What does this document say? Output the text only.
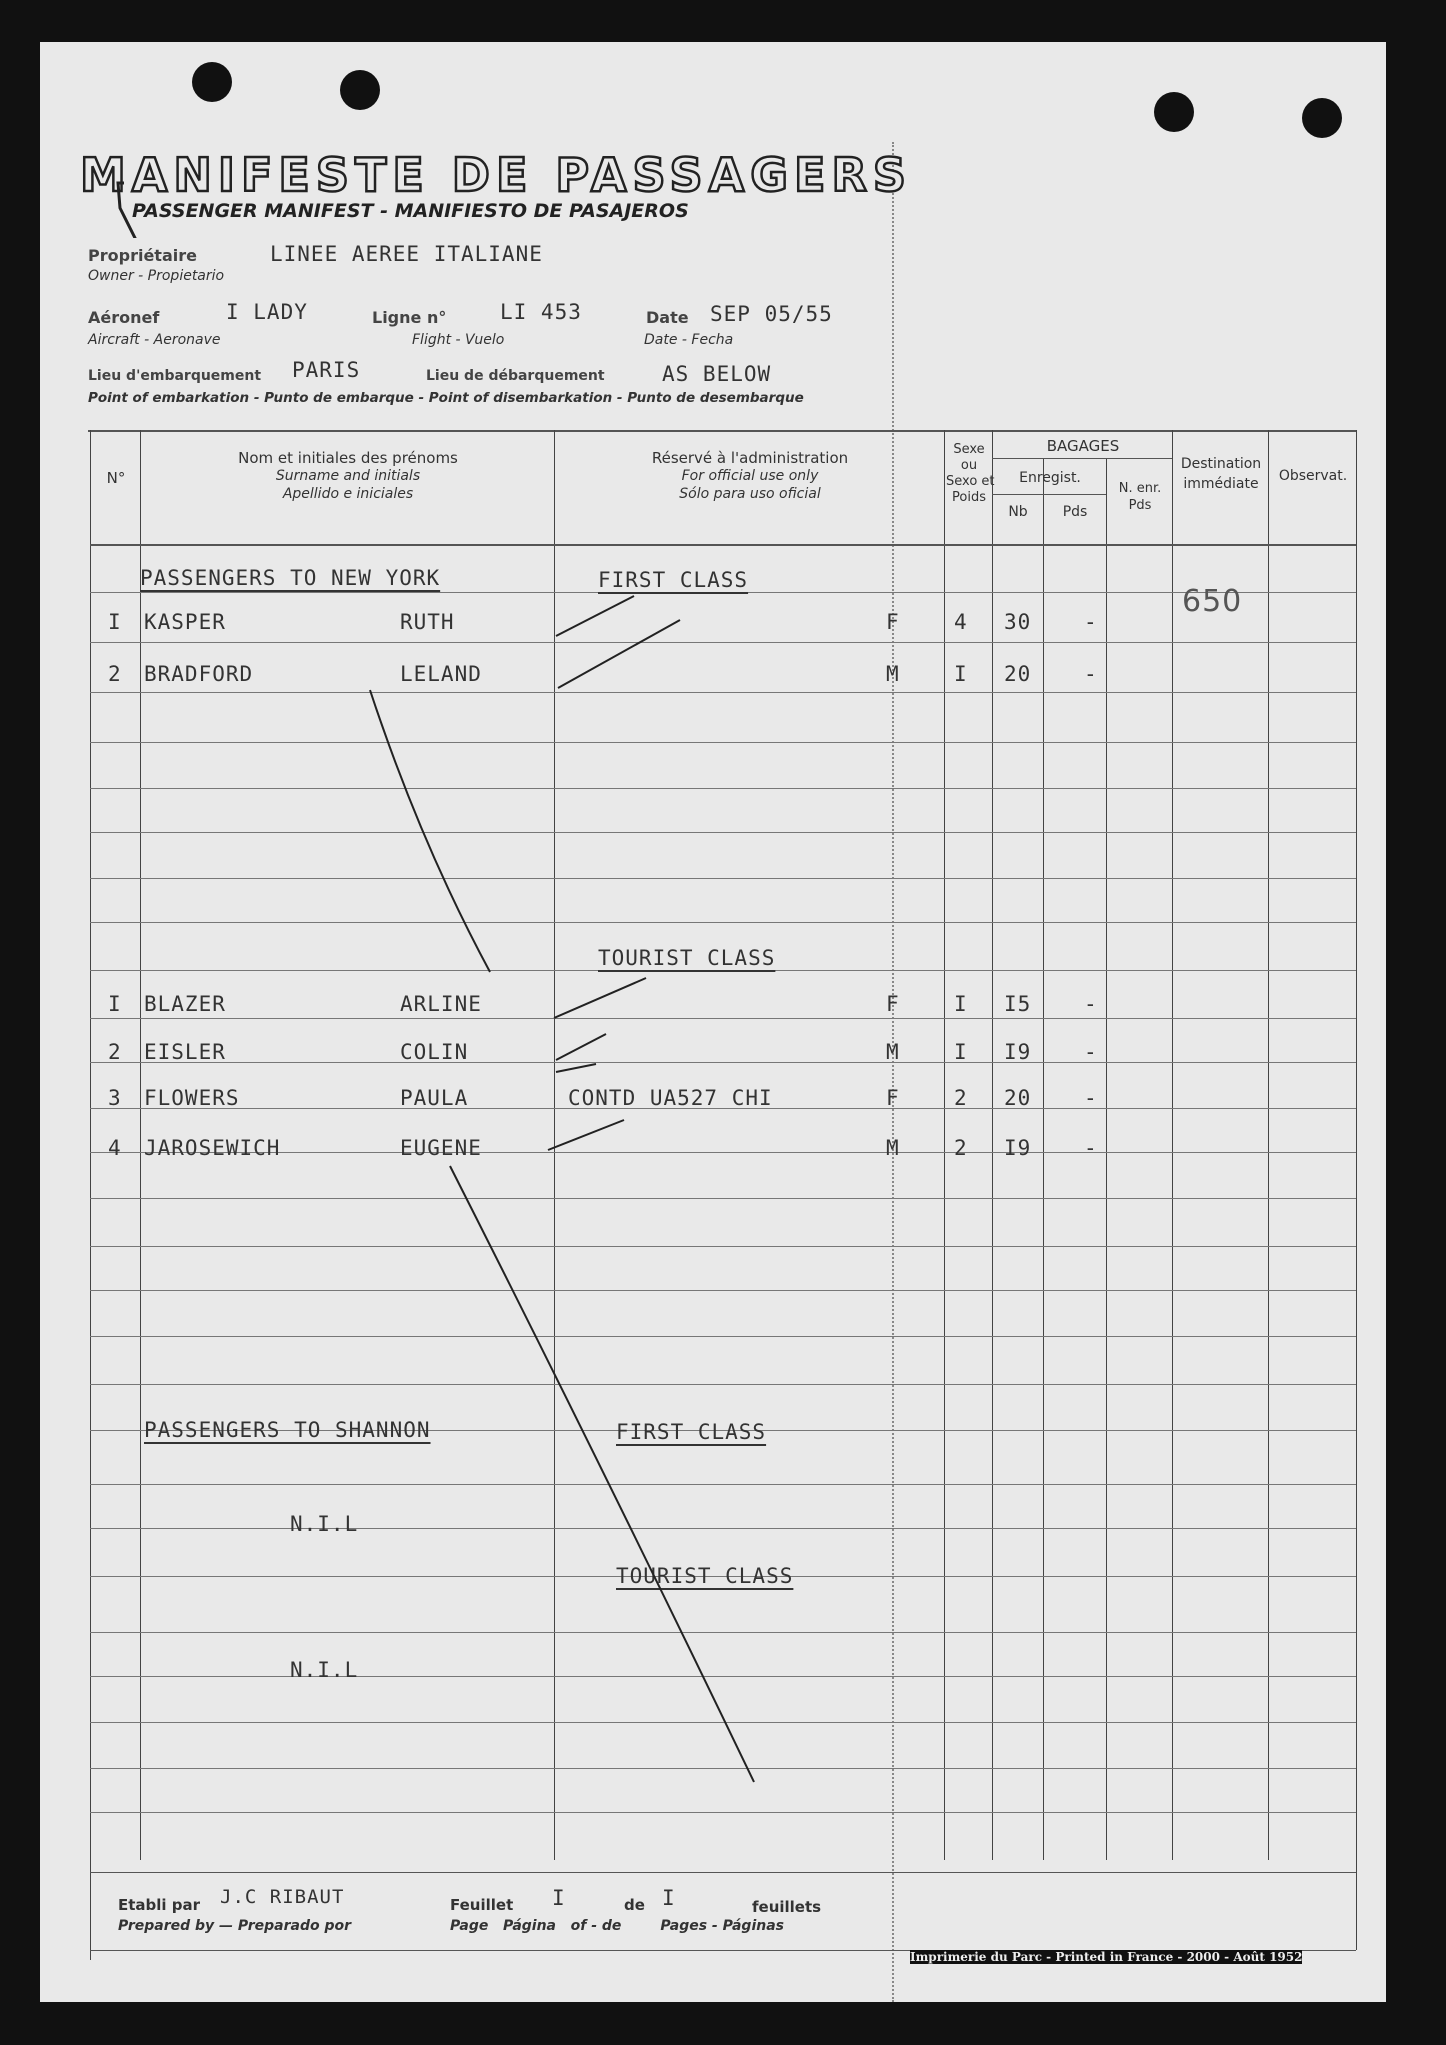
MANIFESTE DE PASSAGERS
PASSENGER MANIFEST - MANIFIESTO DE PASAJEROS
Propriétaire	LINEE AEREE ITALIANE
Owner - Propietario
Aéronef	I LADY
Aircraft - Aeronave
Ligne n°	LI 453
Flight - Vuelo
Date SEP 05/55
Date - Fecha
Lieu d'embarquement PARIS	Lieu de débarquement	AS BELOW
Point of embarkation - Punto de embarque - Point of disembarkation - Punto de desembarque
N°
Nom et initiales des prénoms
Surname and initials
Apellido e iniciales
Réservé à l'administration
For official use only
Sólo para uso oficial
Sexe
ou
Sexo et
Poids
BAGAGES
Enregist.
Nb	Pds
N. enr.
Pds
Destination
immédiate	Observat.
PASSENGERS TO NEW YORK	FIRST CLASS
TOURIST CLASS
PASSENGERS TO SHANNON	FIRST CLASS
TOURIST CLASS
N.I.L
N.I.L
650
I KASPER	RUTH	F	4 30	-
2 BRADFORD	LELAND	M	I 20	-
I BLAZER	ARLINE	F	I I5	-
2 EISLER	COLIN	M	I I9	-
3 FLOWERS	PAULA	CONTD UA527 CHI	F	2 20	-
4 JAROSEWICH	EUGENE	M	2 I9	-
Etabli par J.C RIBAUT
Prepared by — Preparado por
Feuillet I	de I	feuillets
Page   Página   of - de        Pages - Páginas
Imprimerie du Parc - Printed in France - 2000 - Août 1952
